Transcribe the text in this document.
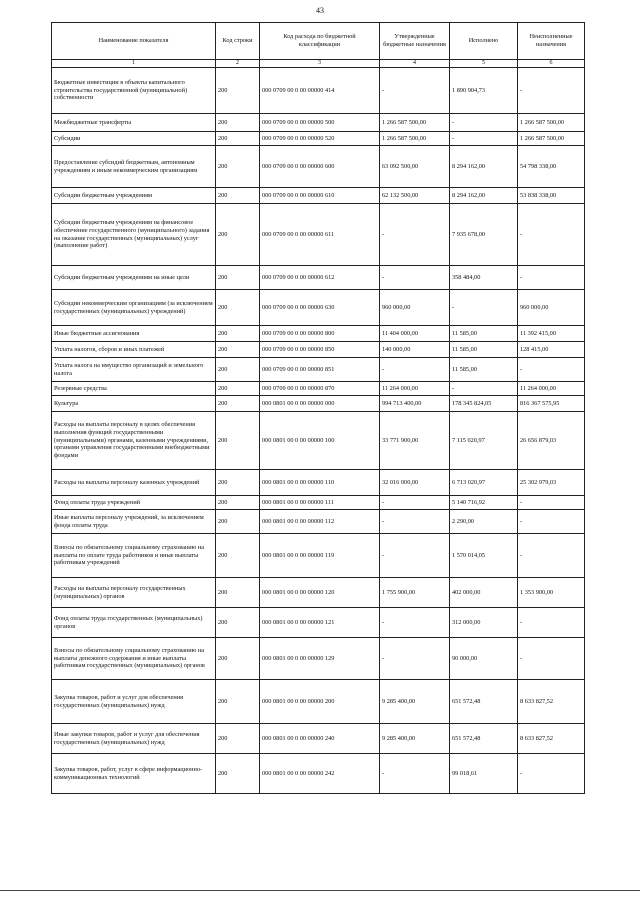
43
Наименование показателя	Код строки	Код расхода по бюджетной классификации	Утвержденные бюджетные назначения	Исполнено	Неисполненные назначения
1	2	3	4	5	6
Бюджетные инвестиции в объекты капитального строительства государственной (муниципальной) собственности	200	000 0709 00 0 00 00000 414	-	1 890 904,73	-
Межбюджетные трансферты	200	000 0709 00 0 00 00000 500	1 266 587 500,00	-	1 266 587 500,00
Субсидии	200	000 0709 00 0 00 00000 520	1 266 587 500,00	-	1 266 587 500,00
Предоставление субсидий бюджетным, автономным учреждениям и иным некоммерческим организациям	200	000 0709 00 0 00 00000 600	63 092 500,00	8 294 162,00	54 798 338,00
Субсидии бюджетным учреждениям	200	000 0709 00 0 00 00000 610	62 132 500,00	8 294 162,00	53 838 338,00
Субсидии бюджетным учреждениям на финансовое обеспечение государственного (муниципального) задания на оказание государственных (муниципальных) услуг (выполнение работ)	200	000 0709 00 0 00 00000 611	-	7 935 678,00	-
Субсидии бюджетным учреждениям на иные цели	200	000 0709 00 0 00 00000 612	-	358 484,00	-
Субсидии некоммерческим организациям (за исключением государственных (муниципальных) учреждений)	200	000 0709 00 0 00 00000 630	960 000,00	-	960 000,00
Иные бюджетные ассигнования	200	000 0709 00 0 00 00000 800	11 404 000,00	11 585,00	11 392 415,00
Уплата налогов, сборов и иных платежей	200	000 0709 00 0 00 00000 850	140 000,00	11 585,00	128 415,00
Уплата налога на имущество организаций и земельного налога	200	000 0709 00 0 00 00000 851	-	11 585,00	-
Резервные средства	200	000 0709 00 0 00 00000 870	11 264 000,00	-	11 264 000,00
Культура	200	000 0801 00 0 00 00000 000	994 713 400,00	178 345 824,05	816 367 575,95
Расходы на выплаты персоналу в целях обеспечения выполнения функций государственными (муниципальными) органами, казенными учреждениями, органами управления государственными внебюджетными фондами	200	000 0801 00 0 00 00000 100	33 771 900,00	7 115 020,97	26 656 879,03
Расходы на выплаты персоналу казенных учреждений	200	000 0801 00 0 00 00000 110	32 016 000,00	6 713 020,97	25 302 979,03
Фонд оплаты труда учреждений	200	000 0801 00 0 00 00000 111	-	5 140 716,92	-
Иные выплаты персоналу учреждений, за исключением фонда оплаты труда	200	000 0801 00 0 00 00000 112	-	2 290,00	-
Взносы по обязательному социальному страхованию на выплаты по оплате труда работников и иные выплаты работникам учреждений	200	000 0801 00 0 00 00000 119	-	1 570 014,05	-
Расходы на выплаты персоналу государственных (муниципальных) органов	200	000 0801 00 0 00 00000 120	1 755 900,00	402 000,00	1 353 900,00
Фонд оплаты труда государственных (муниципальных) органов	200	000 0801 00 0 00 00000 121	-	312 000,00	-
Взносы по обязательному социальному страхованию на выплаты денежного содержания и иные выплаты работникам государственных (муниципальных) органов	200	000 0801 00 0 00 00000 129	-	90 000,00	-
Закупка товаров, работ и услуг для обеспечения государственных (муниципальных) нужд	200	000 0801 00 0 00 00000 200	9 285 400,00	651 572,48	8 633 827,52
Иные закупки товаров, работ и услуг для обеспечения государственных (муниципальных) нужд	200	000 0801 00 0 00 00000 240	9 285 400,00	651 572,48	8 633 827,52
Закупка товаров, работ, услуг в сфере информационно-коммуникационных технологий	200	000 0801 00 0 00 00000 242	-	99 018,61	-
